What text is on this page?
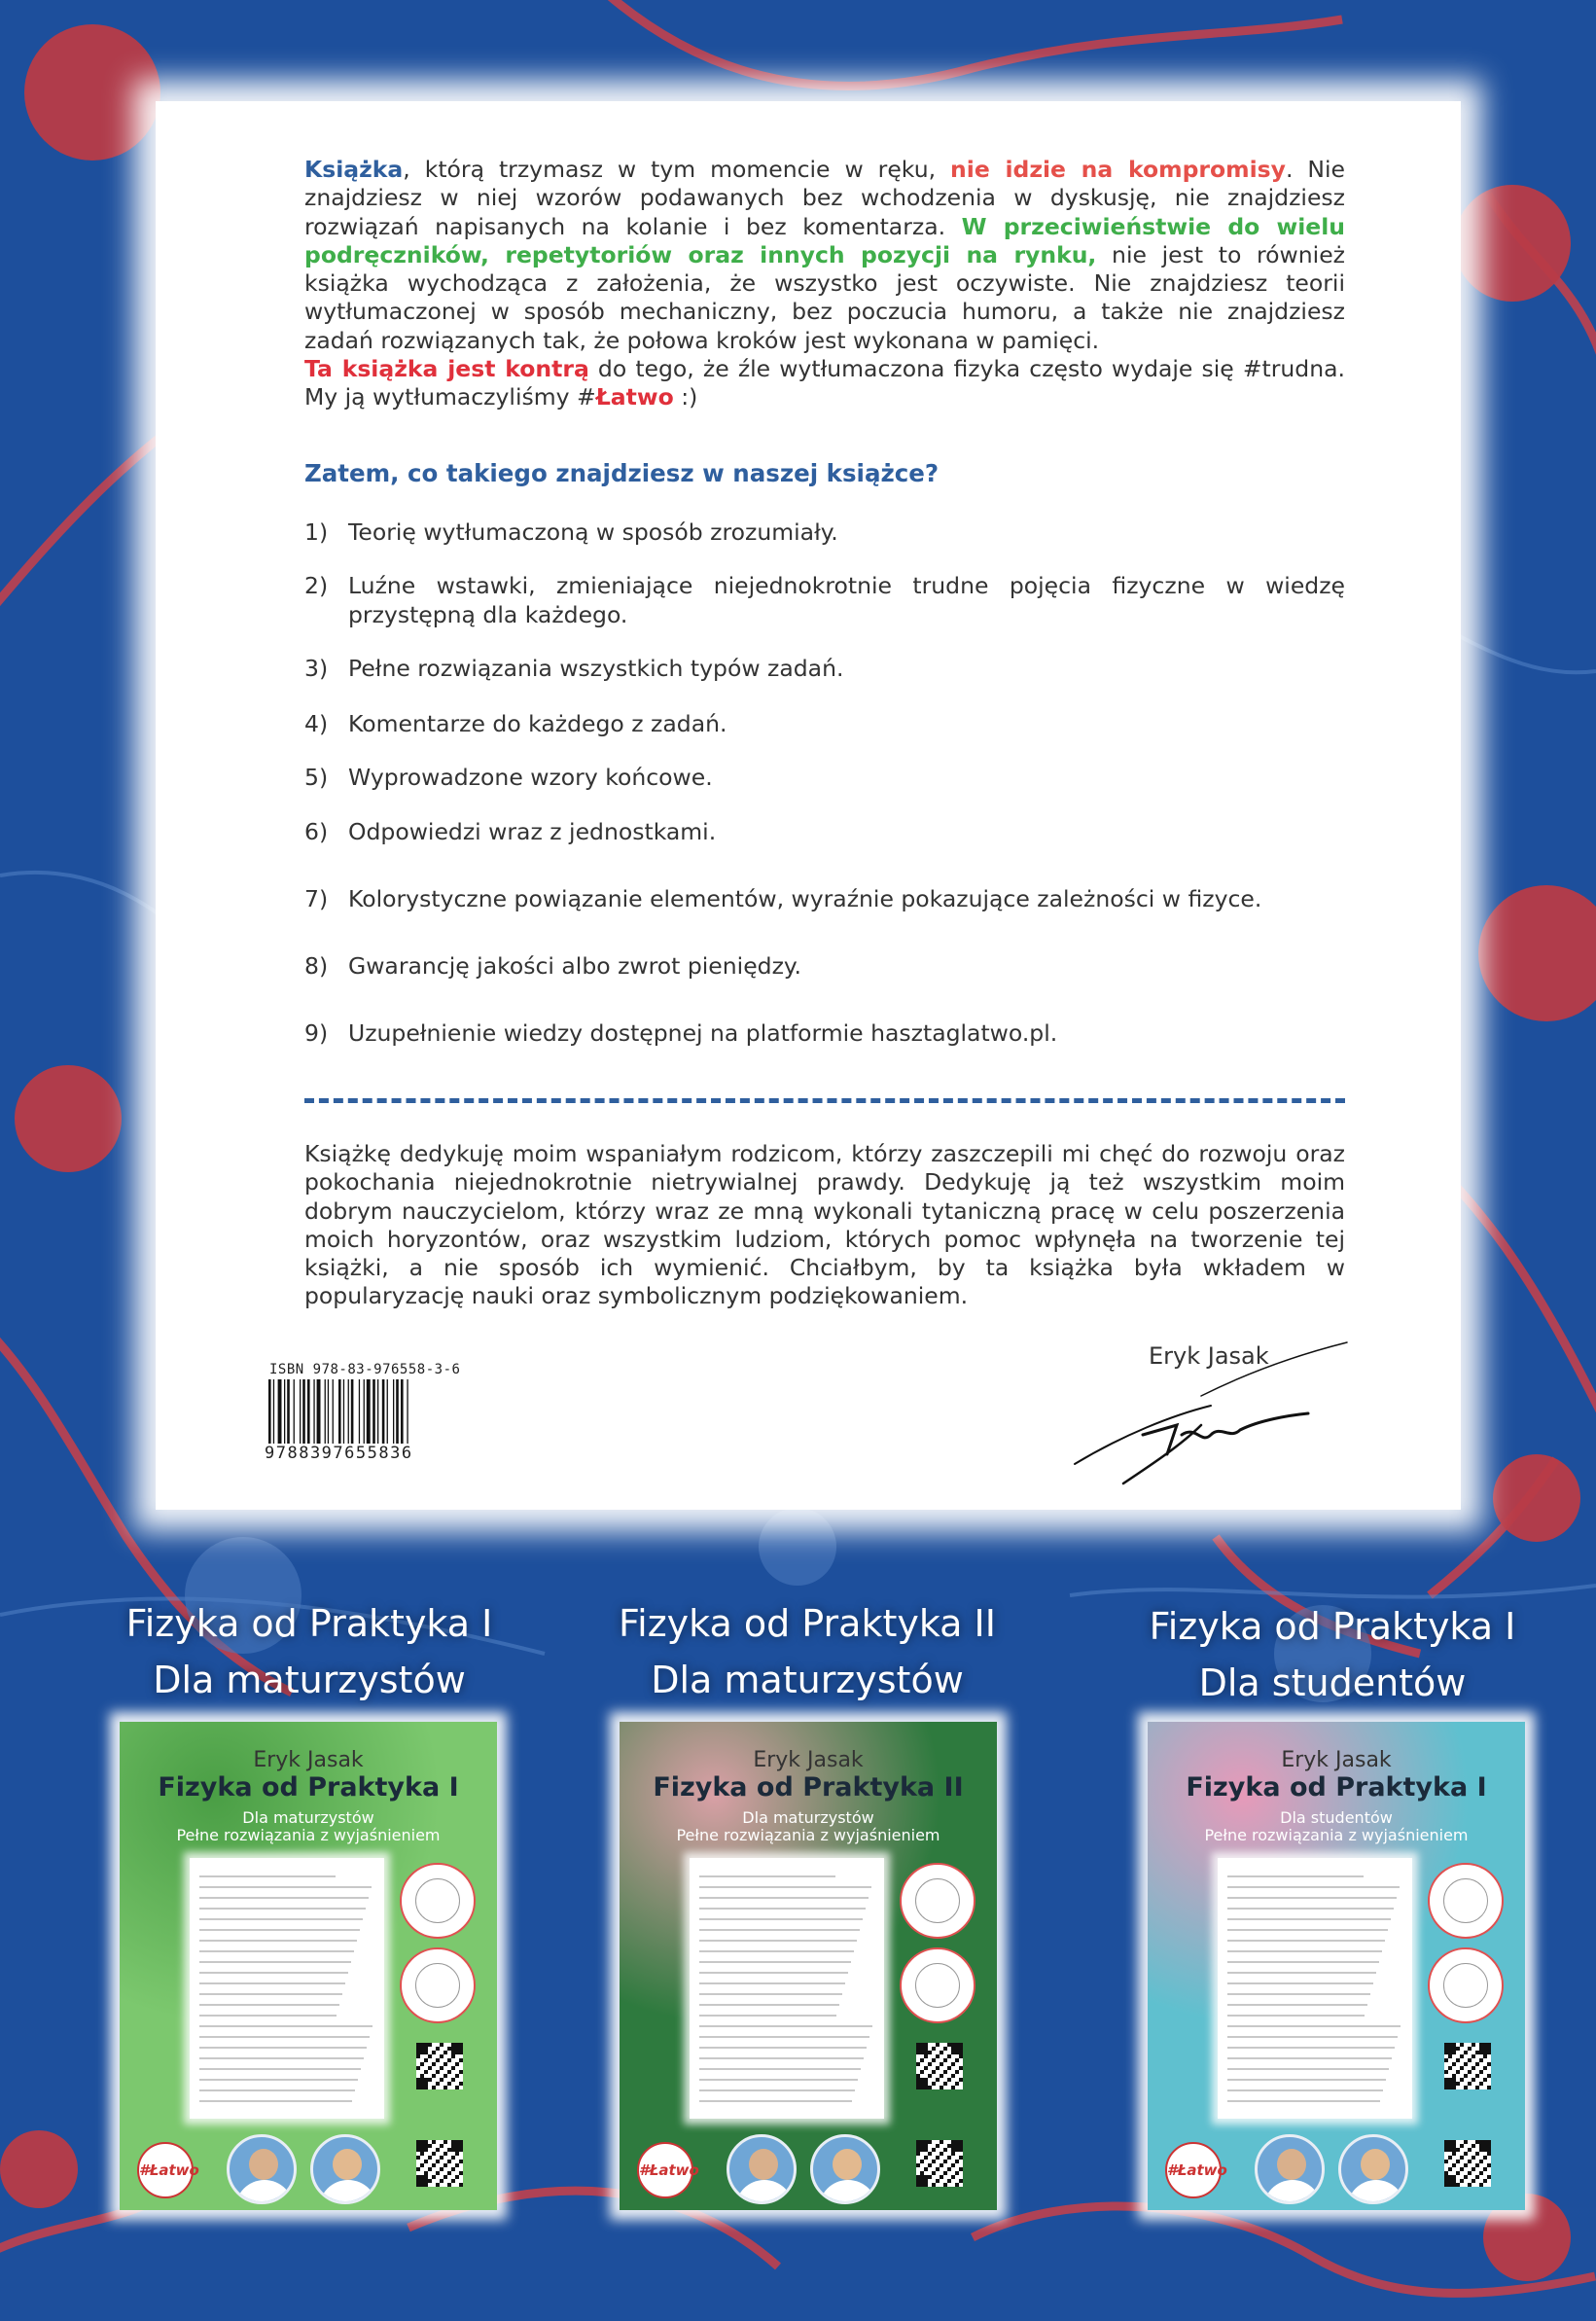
Książka, którą trzymasz w tym momencie w ręku, nie idzie na kompromisy. Nie znajdziesz w niej wzorów podawanych bez wchodzenia w dyskusję, nie znajdziesz rozwiązań napisanych na kolanie i bez komentarza. W przeciwieństwie do wielu podręczników, repetytoriów oraz innych pozycji na rynku, nie jest to również książka wychodząca z założenia, że wszystko jest oczywiste. Nie znajdziesz teorii wytłumaczonej w sposób mechaniczny, bez poczucia humoru, a także nie znajdziesz zadań rozwiązanych tak, że połowa kroków jest wykonana w pamięci.
Ta książka jest kontrą do tego, że źle wytłumaczona fizyka często wydaje się #trudna. My ją wytłumaczyliśmy #Łatwo :)

Zatem, co takiego znajdziesz w naszej książce?

1) Teorię wytłumaczoną w sposób zrozumiały.
2) Luźne wstawki, zmieniające niejednokrotnie trudne pojęcia fizyczne w wiedzę przystępną dla każdego.
3) Pełne rozwiązania wszystkich typów zadań.
4) Komentarze do każdego z zadań.
5) Wyprowadzone wzory końcowe.
6) Odpowiedzi wraz z jednostkami.
7) Kolorystyczne powiązanie elementów, wyraźnie pokazujące zależności w fizyce.
8) Gwarancję jakości albo zwrot pieniędzy.
9) Uzupełnienie wiedzy dostępnej na platformie hasztaglatwo.pl.

Książkę dedykuję moim wspaniałym rodzicom, którzy zaszczepili mi chęć do rozwoju oraz pokochania niejednokrotnie nietrywialnej prawdy. Dedykuję ją też wszystkim moim dobrym nauczycielom, którzy wraz ze mną wykonali tytaniczną pracę w celu poszerzenia moich horyzontów, oraz wszystkim ludziom, których pomoc wpłynęła na tworzenie tej książki, a nie sposób ich wymienić. Chciałbym, by ta książka była wkładem w popularyzację nauki oraz symbolicznym podziękowaniem.

Eryk Jasak
ISBN 978-83-976558-3-6
9788397655836
Fizyka od Praktyka I
Dla maturzystów
Fizyka od Praktyka II
Dla maturzystów
Fizyka od Praktyka I
Dla studentów
Eryk Jasak
Fizyka od Praktyka I
Dla maturzystów
Pełne rozwiązania z wyjaśnieniem
#Łatwo
Eryk Jasak
Fizyka od Praktyka II
Dla maturzystów
Pełne rozwiązania z wyjaśnieniem
#Łatwo
Eryk Jasak
Fizyka od Praktyka I
Dla studentów
Pełne rozwiązania z wyjaśnieniem
#Łatwo
